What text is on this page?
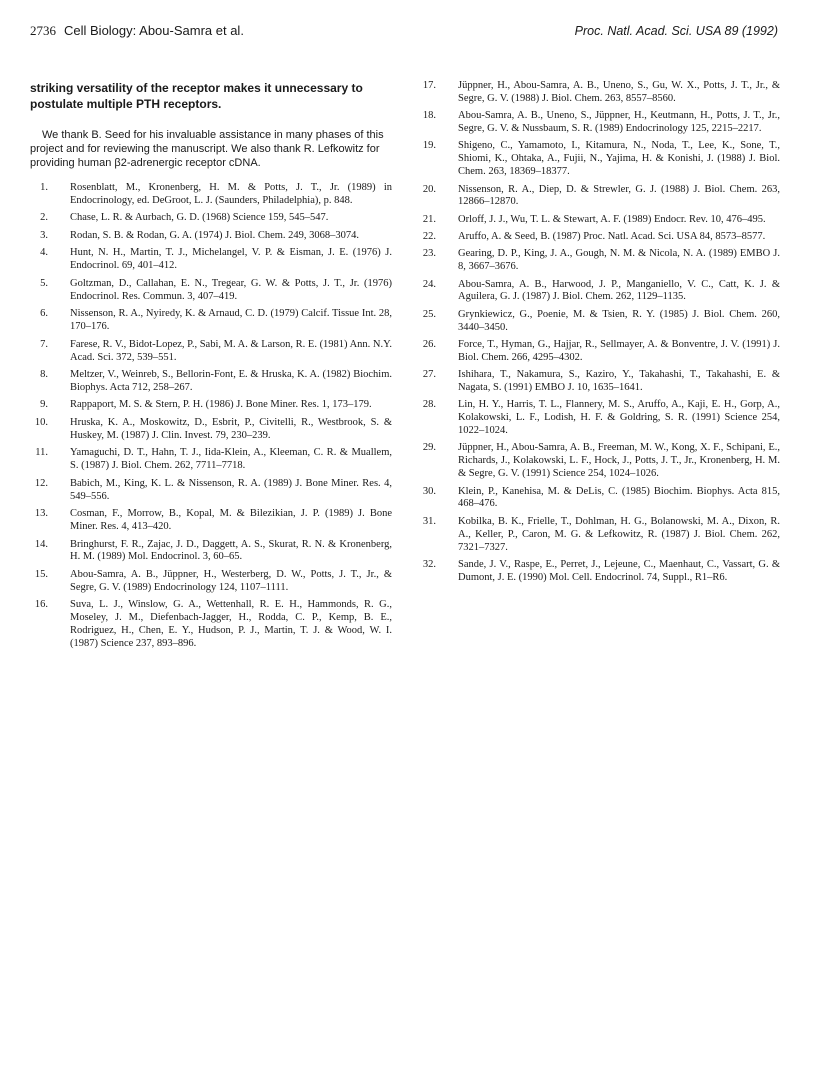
2736 Cell Biology: Abou-Samra et al.	Proc. Natl. Acad. Sci. USA 89 (1992)

striking versatility of the receptor makes it unnecessary to postulate multiple PTH receptors.

We thank B. Seed for his invaluable assistance in many phases of this project and for reviewing the manuscript. We also thank R. Lefkowitz for providing human β2-adrenergic receptor cDNA.

1. Rosenblatt, M., Kronenberg, H. M. & Potts, J. T., Jr. (1989) in Endocrinology, ed. DeGroot, L. J. (Saunders, Philadelphia), p. 848.
2. Chase, L. R. & Aurbach, G. D. (1968) Science 159, 545–547.
3. Rodan, S. B. & Rodan, G. A. (1974) J. Biol. Chem. 249, 3068–3074.
4. Hunt, N. H., Martin, T. J., Michelangel, V. P. & Eisman, J. E. (1976) J. Endocrinol. 69, 401–412.
5. Goltzman, D., Callahan, E. N., Tregear, G. W. & Potts, J. T., Jr. (1976) Endocrinol. Res. Commun. 3, 407–419.
6. Nissenson, R. A., Nyiredy, K. & Arnaud, C. D. (1979) Calcif. Tissue Int. 28, 170–176.
7. Farese, R. V., Bidot-Lopez, P., Sabi, M. A. & Larson, R. E. (1981) Ann. N.Y. Acad. Sci. 372, 539–551.
8. Meltzer, V., Weinreb, S., Bellorin-Font, E. & Hruska, K. A. (1982) Biochim. Biophys. Acta 712, 258–267.
9. Rappaport, M. S. & Stern, P. H. (1986) J. Bone Miner. Res. 1, 173–179.
10. Hruska, K. A., Moskowitz, D., Esbrit, P., Civitelli, R., Westbrook, S. & Huskey, M. (1987) J. Clin. Invest. 79, 230–239.
11. Yamaguchi, D. T., Hahn, T. J., Iida-Klein, A., Kleeman, C. R. & Muallem, S. (1987) J. Biol. Chem. 262, 7711–7718.
12. Babich, M., King, K. L. & Nissenson, R. A. (1989) J. Bone Miner. Res. 4, 549–556.
13. Cosman, F., Morrow, B., Kopal, M. & Bilezikian, J. P. (1989) J. Bone Miner. Res. 4, 413–420.
14. Bringhurst, F. R., Zajac, J. D., Daggett, A. S., Skurat, R. N. & Kronenberg, H. M. (1989) Mol. Endocrinol. 3, 60–65.
15. Abou-Samra, A. B., Jüppner, H., Westerberg, D. W., Potts, J. T., Jr., & Segre, G. V. (1989) Endocrinology 124, 1107–1111.
16. Suva, L. J., Winslow, G. A., Wettenhall, R. E. H., Hammonds, R. G., Moseley, J. M., Diefenbach-Jagger, H., Rodda, C. P., Kemp, B. E., Rodriguez, H., Chen, E. Y., Hudson, P. J., Martin, T. J. & Wood, W. I. (1987) Science 237, 893–896.
17. Jüppner, H., Abou-Samra, A. B., Uneno, S., Gu, W. X., Potts, J. T., Jr., & Segre, G. V. (1988) J. Biol. Chem. 263, 8557–8560.
18. Abou-Samra, A. B., Uneno, S., Jüppner, H., Keutmann, H., Potts, J. T., Jr., Segre, G. V. & Nussbaum, S. R. (1989) Endocrinology 125, 2215–2217.
19. Shigeno, C., Yamamoto, I., Kitamura, N., Noda, T., Lee, K., Sone, T., Shiomi, K., Ohtaka, A., Fujii, N., Yajima, H. & Konishi, J. (1988) J. Biol. Chem. 263, 18369–18377.
20. Nissenson, R. A., Diep, D. & Strewler, G. J. (1988) J. Biol. Chem. 263, 12866–12870.
21. Orloff, J. J., Wu, T. L. & Stewart, A. F. (1989) Endocr. Rev. 10, 476–495.
22. Aruffo, A. & Seed, B. (1987) Proc. Natl. Acad. Sci. USA 84, 8573–8577.
23. Gearing, D. P., King, J. A., Gough, N. M. & Nicola, N. A. (1989) EMBO J. 8, 3667–3676.
24. Abou-Samra, A. B., Harwood, J. P., Manganiello, V. C., Catt, K. J. & Aguilera, G. J. (1987) J. Biol. Chem. 262, 1129–1135.
25. Grynkiewicz, G., Poenie, M. & Tsien, R. Y. (1985) J. Biol. Chem. 260, 3440–3450.
26. Force, T., Hyman, G., Hajjar, R., Sellmayer, A. & Bonventre, J. V. (1991) J. Biol. Chem. 266, 4295–4302.
27. Ishihara, T., Nakamura, S., Kaziro, Y., Takahashi, T., Takahashi, E. & Nagata, S. (1991) EMBO J. 10, 1635–1641.
28. Lin, H. Y., Harris, T. L., Flannery, M. S., Aruffo, A., Kaji, E. H., Gorp, A., Kolakowski, L. F., Lodish, H. F. & Goldring, S. R. (1991) Science 254, 1022–1024.
29. Jüppner, H., Abou-Samra, A. B., Freeman, M. W., Kong, X. F., Schipani, E., Richards, J., Kolakowski, L. F., Hock, J., Potts, J. T., Jr., Kronenberg, H. M. & Segre, G. V. (1991) Science 254, 1024–1026.
30. Klein, P., Kanehisa, M. & DeLis, C. (1985) Biochim. Biophys. Acta 815, 468–476.
31. Kobilka, B. K., Frielle, T., Dohlman, H. G., Bolanowski, M. A., Dixon, R. A., Keller, P., Caron, M. G. & Lefkowitz, R. (1987) J. Biol. Chem. 262, 7321–7327.
32. Sande, J. V., Raspe, E., Perret, J., Lejeune, C., Maenhaut, C., Vassart, G. & Dumont, J. E. (1990) Mol. Cell. Endocrinol. 74, Suppl., R1–R6.
